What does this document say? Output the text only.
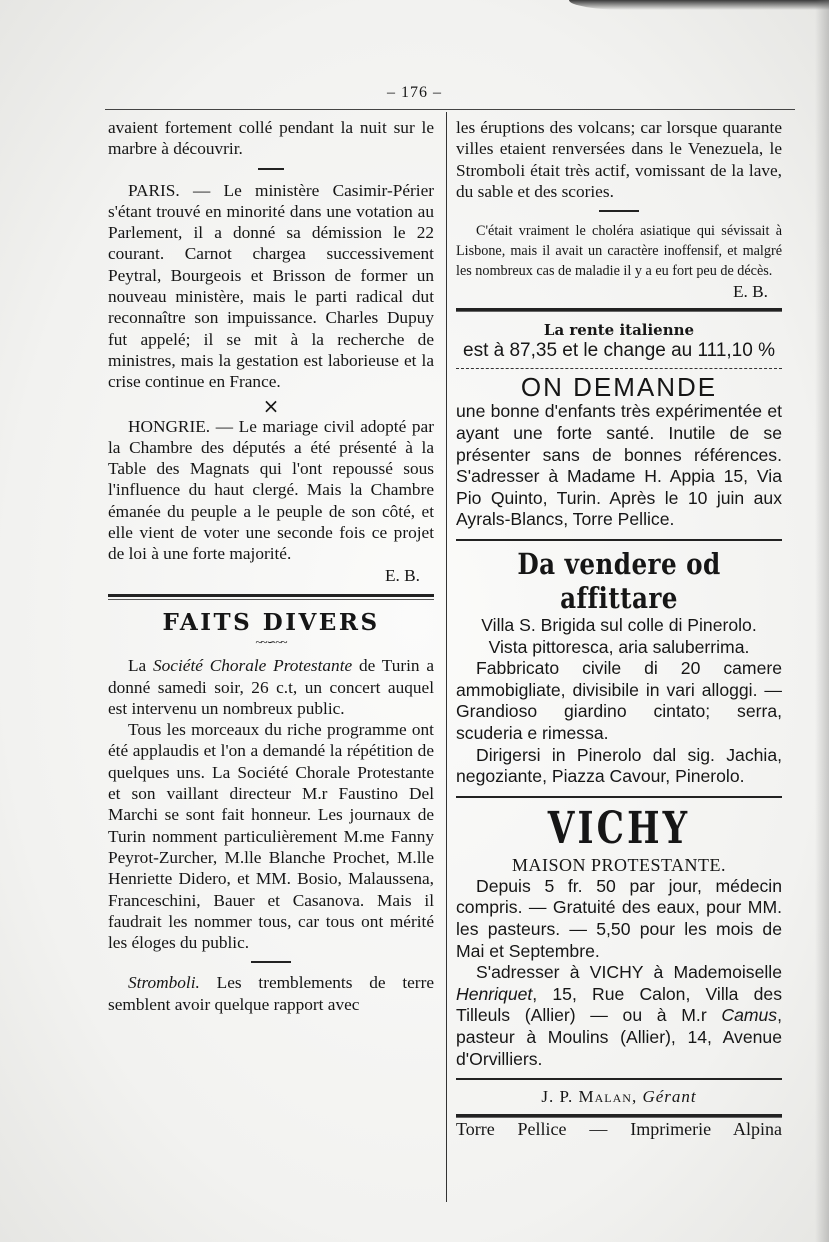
– 176 –

avaient fortement collé pendant la nuit sur le marbre à découvrir.

PARIS. — Le ministère Casimir-Périer s'étant trouvé en minorité dans une votation au Parlement, il a donné sa démission le 22 courant. Carnot chargea successivement Peytral, Bourgeois et Brisson de former un nouveau ministère, mais le parti radical dut reconnaître son impuissance. Charles Dupuy fut appelé; il se mit à la recherche de ministres, mais la gestation est laborieuse et la crise continue en France.

×

HONGRIE. — Le mariage civil adopté par la Chambre des députés a été présenté à la Table des Magnats qui l'ont repoussé sous l'influence du haut clergé. Mais la Chambre émanée du peuple a le peuple de son côté, et elle vient de voter une seconde fois ce projet de loi à une forte majorité.

E. B.

FAITS DIVERS
~~∽~~

La Société Chorale Protestante de Turin a donné samedi soir, 26 c.t, un concert auquel est intervenu un nombreux public.

Tous les morceaux du riche programme ont été applaudis et l'on a demandé la répétition de quelques uns. La Société Chorale Protestante et son vaillant directeur M.r Faustino Del Marchi se sont fait honneur. Les journaux de Turin nomment particulièrement M.me Fanny Peyrot-Zurcher, M.lle Blanche Prochet, M.lle Henriette Didero, et MM. Bosio, Malaussena, Franceschini, Bauer et Casanova. Mais il faudrait les nommer tous, car tous ont mérité les éloges du public.

Stromboli. Les tremblements de terre semblent avoir quelque rapport avec

les éruptions des volcans; car lorsque quarante villes etaient renversées dans le Venezuela, le Stromboli était très actif, vomissant de la lave, du sable et des scories.

C'était vraiment le choléra asiatique qui sévissait à Lisbone, mais il avait un caractère inoffensif, et malgré les nombreux cas de maladie il y a eu fort peu de décès.

E. B.

La rente italienne
est à 87,35 et le change au 111,10 %
ON DEMANDE

une bonne d'enfants très expérimentée et ayant une forte santé. Inutile de se présenter sans de bonnes références. S'adresser à Madame H. Appia 15, Via Pio Quinto, Turin. Après le 10 juin aux Ayrals-Blancs, Torre Pellice.

Da vendere od affittare

Villa S. Brigida sul colle di Pinerolo.

Vista pittoresca, aria saluberrima.

Fabbricato civile di 20 camere ammobigliate, divisibile in vari alloggi. — Grandioso giardino cintato; serra, scuderia e rimessa.

Dirigersi in Pinerolo dal sig. Jachia, negoziante, Piazza Cavour, Pinerolo.

VICHY
MAISON PROTESTANTE.

Depuis 5 fr. 50 par jour, médecin compris. — Gratuité des eaux, pour MM. les pasteurs. — 5,50 pour les mois de Mai et Septembre.

S'adresser à VICHY à Mademoiselle Henriquet, 15, Rue Calon, Villa des Tilleuls (Allier) — ou à M.r Camus, pasteur à Moulins (Allier), 14, Avenue d'Orvilliers.

J. P. Malan, Gérant
Torre Pellice — Imprimerie Alpina
